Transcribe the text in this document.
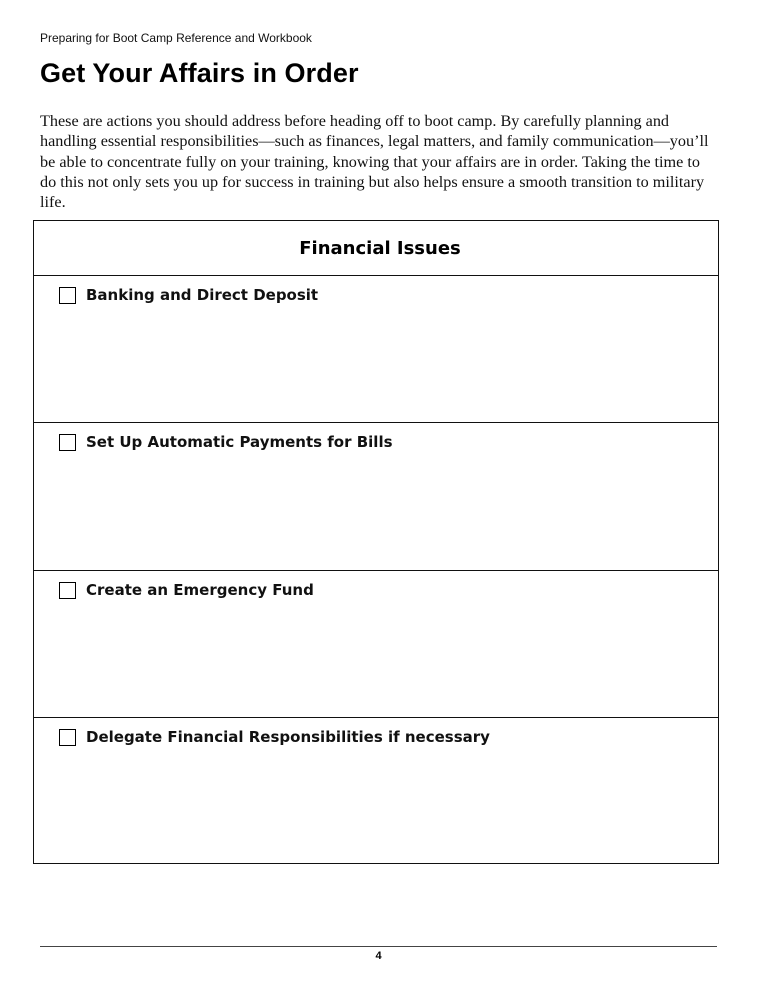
Preparing for Boot Camp Reference and Workbook
Get Your Affairs in Order

These are actions you should address before heading off to boot camp. By carefully planning and handling essential responsibilities—such as finances, legal matters, and family communication—you’ll be able to concentrate fully on your training, knowing that your affairs are in order. Taking the time to do this not only sets you up for success in training but also helps ensure a smooth transition to military life.

Financial Issues
Banking and Direct Deposit
Set Up Automatic Payments for Bills
Create an Emergency Fund
Delegate Financial Responsibilities if necessary
4
